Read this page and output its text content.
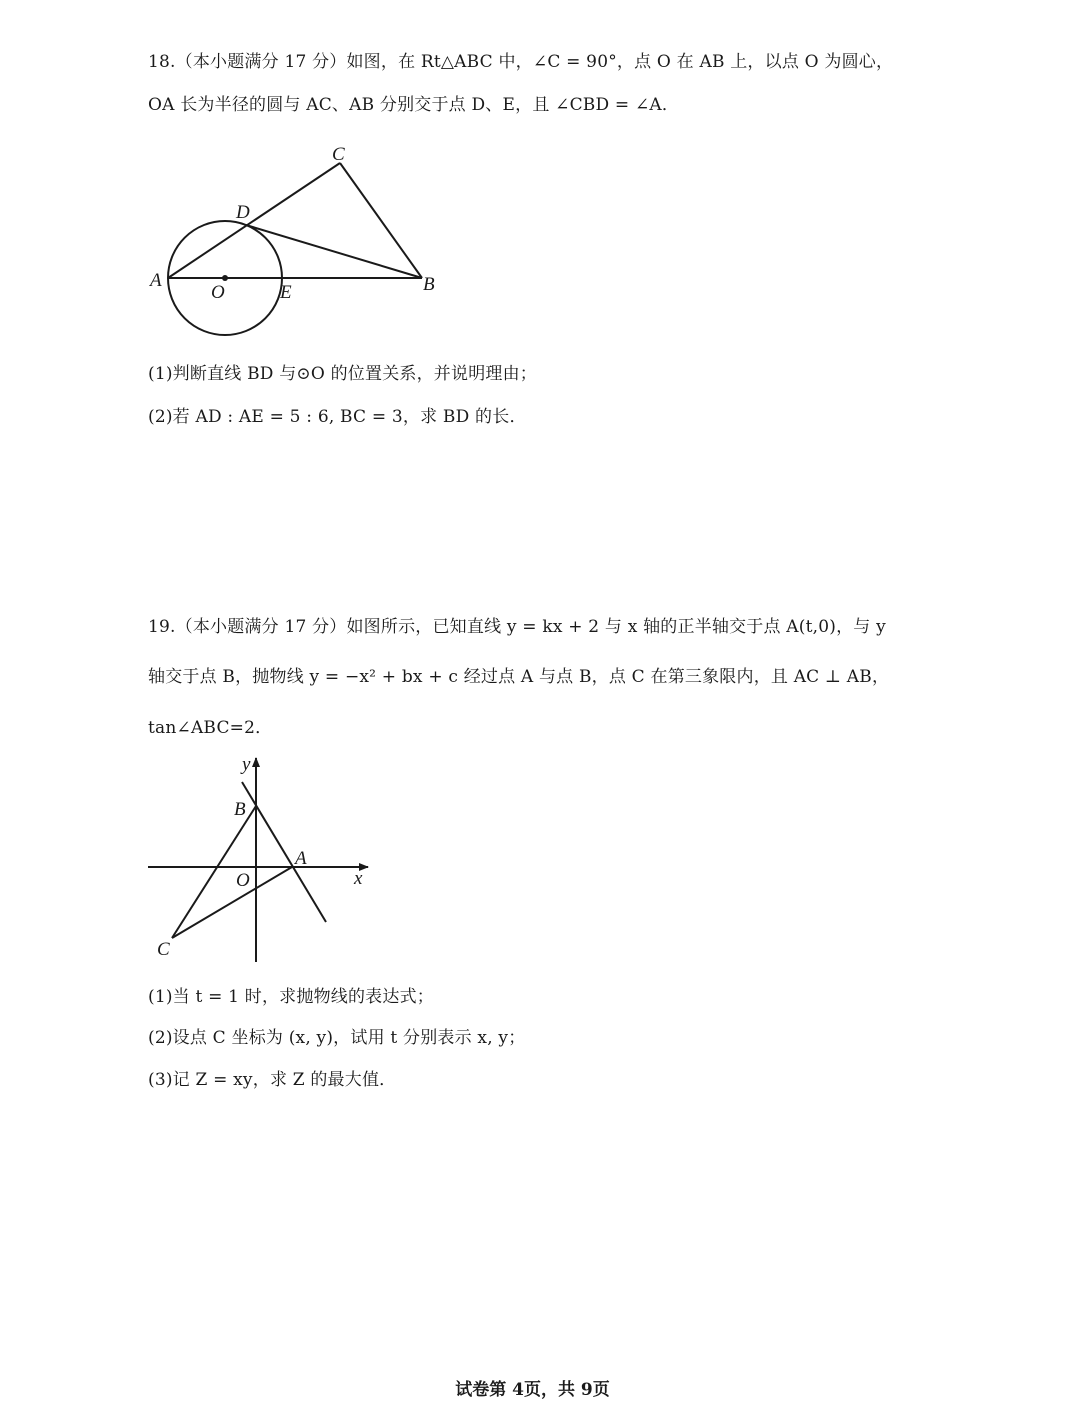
18.（本小题满分 17 分）如图，在 Rt△ABC 中，∠C = 90°，点 O 在 AB 上，以点 O 为圆心，
OA 长为半径的圆与 AC、AB 分别交于点 D、E，且 ∠CBD = ∠A．
C
D
A
O	E	B
(1)判断直线 BD 与⊙O 的位置关系，并说明理由；
(2)若 AD : AE = 5 : 6, BC = 3，求 BD 的长．
19.（本小题满分 17 分）如图所示，已知直线 y = kx + 2 与 x 轴的正半轴交于点 A(t,0)，与 y
轴交于点 B，抛物线 y = −x² + bx + c 经过点 A 与点 B，点 C 在第三象限内，且 AC ⊥ AB，
tan∠ABC=2．
y
B
A
O	x
C
(1)当 t = 1 时，求抛物线的表达式；
(2)设点 C 坐标为 (x, y)，试用 t 分别表示 x, y；
(3)记 Z = xy，求 Z 的最大值．
试卷第 4页，共 9页
